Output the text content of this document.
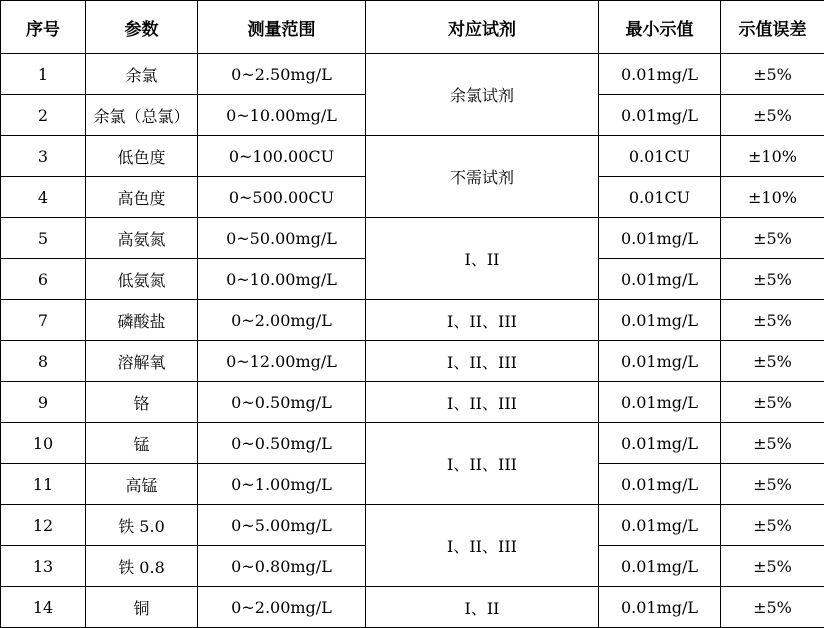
序号	参数	测量范围	对应试剂	最小示值	示值误差
1	余氯	0~2.50mg/L	余氯试剂	0.01mg/L	±5%
2	余氯（总氯）	0~10.00mg/L		0.01mg/L	±5%
3	低色度	0~100.00CU	不需试剂	0.01CU	±10%
4	高色度	0~500.00CU		0.01CU	±10%
5	高氨氮	0~50.00mg/L	I、II	0.01mg/L	±5%
6	低氨氮	0~10.00mg/L		0.01mg/L	±5%
7	磷酸盐	0~2.00mg/L	I、II、III	0.01mg/L	±5%
8	溶解氧	0~12.00mg/L	I、II、III	0.01mg/L	±5%
9	铬	0~0.50mg/L	I、II、III	0.01mg/L	±5%
10	锰	0~0.50mg/L	I、II、III	0.01mg/L	±5%
11	高锰	0~1.00mg/L		0.01mg/L	±5%
12	铁 5.0	0~5.00mg/L	I、II、III	0.01mg/L	±5%
13	铁 0.8	0~0.80mg/L		0.01mg/L	±5%
14	铜	0~2.00mg/L	I、II	0.01mg/L	±5%
